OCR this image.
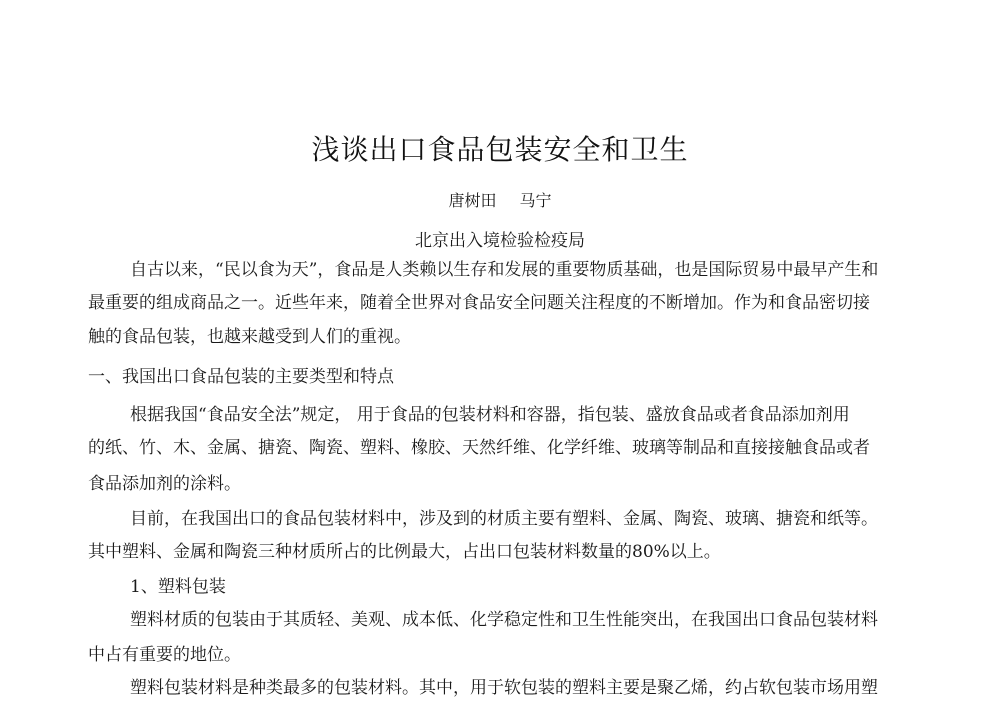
浅谈出口食品包装安全和卫生
唐树田 马宁
北京出入境检验检疫局
自古以来，“民以食为天”，食品是人类赖以生存和发展的重要物质基础，也是国际贸易中最早产生和
最重要的组成商品之一。近些年来，随着全世界对食品安全问题关注程度的不断增加。作为和食品密切接
触的食品包装，也越来越受到人们的重视。
一、我国出口食品包装的主要类型和特点
根据我国“食品安全法”规定， 用于食品的包装材料和容器，指包装、盛放食品或者食品添加剂用
的纸、竹、木、金属、搪瓷、陶瓷、塑料、橡胶、天然纤维、化学纤维、玻璃等制品和直接接触食品或者
食品添加剂的涂料。
目前，在我国出口的食品包装材料中，涉及到的材质主要有塑料、金属、陶瓷、玻璃、搪瓷和纸等。
其中塑料、金属和陶瓷三种材质所占的比例最大，占出口包装材料数量的80%以上。
1、塑料包装
塑料材质的包装由于其质轻、美观、成本低、化学稳定性和卫生性能突出，在我国出口食品包装材料
中占有重要的地位。
塑料包装材料是种类最多的包装材料。其中，用于软包装的塑料主要是聚乙烯，约占软包装市场用塑
